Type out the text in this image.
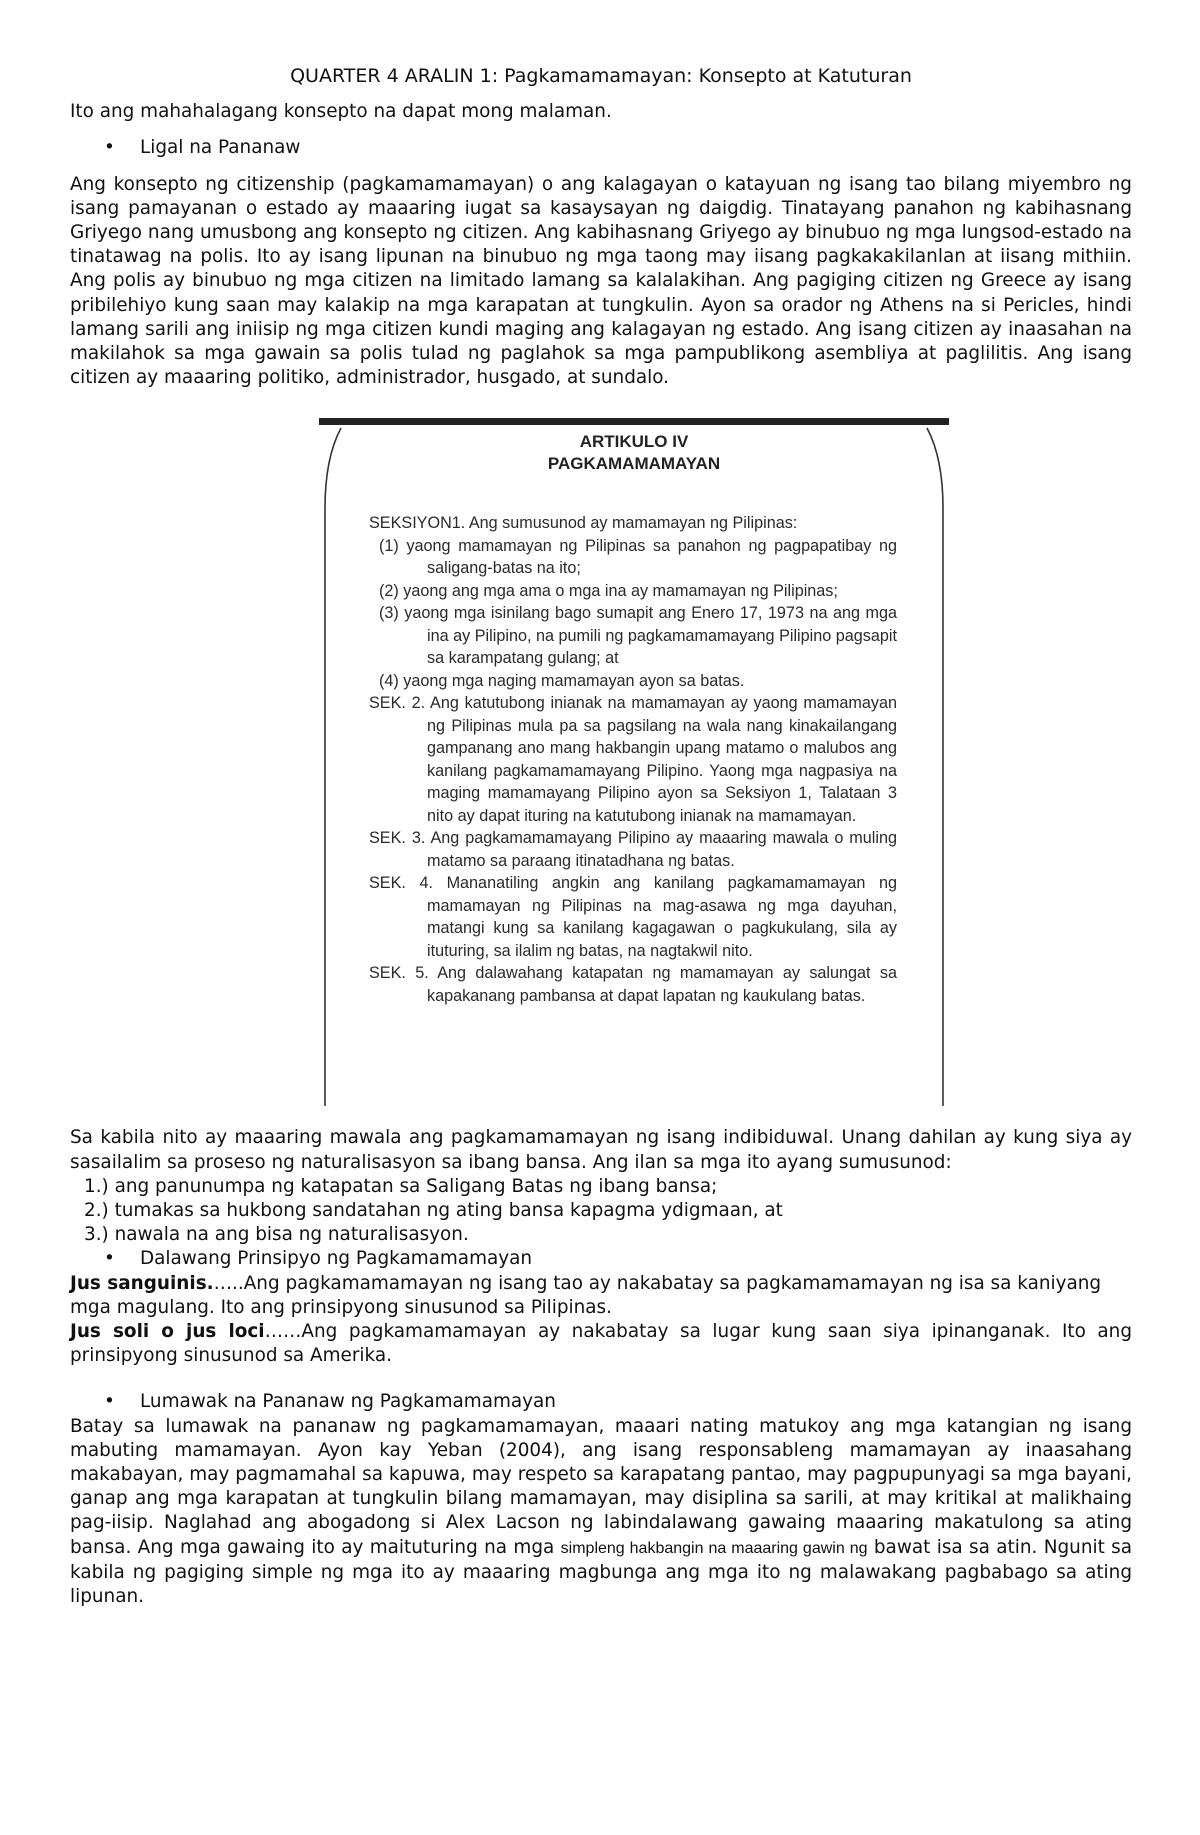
QUARTER 4 ARALIN 1: Pagkamamamayan: Konsepto at Katuturan

Ito ang mahahalagang konsepto na dapat mong malaman.

• Ligal na Pananaw

Ang konsepto ng citizenship (pagkamamamayan) o ang kalagayan o katayuan ng isang tao bilang miyembro ng isang pamayanan o estado ay maaaring iugat sa kasaysayan ng daigdig. Tinatayang panahon ng kabihasnang Griyego nang umusbong ang konsepto ng citizen. Ang kabihasnang Griyego ay binubuo ng mga lungsod-estado na tinatawag na polis. Ito ay isang lipunan na binubuo ng mga taong may iisang pagkakakilanlan at iisang mithiin. Ang polis ay binubuo ng mga citizen na limitado lamang sa kalalakihan. Ang pagiging citizen ng Greece ay isang pribilehiyo kung saan may kalakip na mga karapatan at tungkulin. Ayon sa orador ng Athens na si Pericles, hindi lamang sarili ang iniisip ng mga citizen kundi maging ang kalagayan ng estado. Ang isang citizen ay inaasahan na makilahok sa mga gawain sa polis tulad ng paglahok sa mga pampublikong asembliya at paglilitis. Ang isang citizen ay maaaring politiko, administrador, husgado, at sundalo.

ARTIKULO IV
PAGKAMAMAMAYAN
SEKSIYON1. Ang sumusunod ay mamamayan ng Pilipinas:
(1) yaong mamamayan ng Pilipinas sa panahon ng pagpapatibay ng saligang-batas na ito;
(2) yaong ang mga ama o mga ina ay mamamayan ng Pilipinas;
(3) yaong mga isinilang bago sumapit ang Enero 17, 1973 na ang mga ina ay Pilipino, na pumili ng pagkamamamayang Pilipino pagsapit sa karampatang gulang; at
(4) yaong mga naging mamamayan ayon sa batas.
SEK. 2. Ang katutubong inianak na mamamayan ay yaong mamamayan ng Pilipinas mula pa sa pagsilang na wala nang kinakailangang gampanang ano mang hakbangin upang matamo o malubos ang kanilang pagkamamamayang Pilipino. Yaong mga nagpasiya na maging mamamayang Pilipino ayon sa Seksiyon 1, Talataan 3 nito ay dapat ituring na katutubong inianak na mamamayan.
SEK. 3. Ang pagkamamamayang Pilipino ay maaaring mawala o muling matamo sa paraang itinatadhana ng batas.
SEK. 4. Mananatiling angkin ang kanilang pagkamamamayan ng mamamayan ng Pilipinas na mag-asawa ng mga dayuhan, matangi kung sa kanilang kagagawan o pagkukulang, sila ay ituturing, sa ilalim ng batas, na nagtakwil nito.
SEK. 5. Ang dalawahang katapatan ng mamamayan ay salungat sa kapakanang pambansa at dapat lapatan ng kaukulang batas.

Sa kabila nito ay maaaring mawala ang pagkamamamayan ng isang indibiduwal. Unang dahilan ay kung siya ay sasailalim sa proseso ng naturalisasyon sa ibang bansa. Ang ilan sa mga ito ayang sumusunod:

1.) ang panunumpa ng katapatan sa Saligang Batas ng ibang bansa;
2.) tumakas sa hukbong sandatahan ng ating bansa kapagma ydigmaan, at
3.) nawala na ang bisa ng naturalisasyon.
• Dalawang Prinsipyo ng Pagkamamamayan

Jus sanguinis.…..Ang pagkamamamayan ng isang tao ay nakabatay sa pagkamamamayan ng isa sa kaniyang mga magulang. Ito ang prinsipyong sinusunod sa Pilipinas.

Jus soli o jus loci……Ang pagkamamamayan ay nakabatay sa lugar kung saan siya ipinanganak. Ito ang prinsipyong sinusunod sa Amerika.

• Lumawak na Pananaw ng Pagkamamamayan

Batay sa lumawak na pananaw ng pagkamamamayan, maaari nating matukoy ang mga katangian ng isang mabuting mamamayan. Ayon kay Yeban (2004), ang isang responsableng mamamayan ay inaasahang makabayan, may pagmamahal sa kapuwa, may respeto sa karapatang pantao, may pagpupunyagi sa mga bayani, ganap ang mga karapatan at tungkulin bilang mamamayan, may disiplina sa sarili, at may kritikal at malikhaing pag-iisip. Naglahad ang abogadong si Alex Lacson ng labindalawang gawaing maaaring makatulong sa ating bansa. Ang mga gawaing ito ay maituturing na mga simpleng hakbangin na maaaring gawin ng bawat isa sa atin. Ngunit sa kabila ng pagiging simple ng mga ito ay maaaring magbunga ang mga ito ng malawakang pagbabago sa ating lipunan.
